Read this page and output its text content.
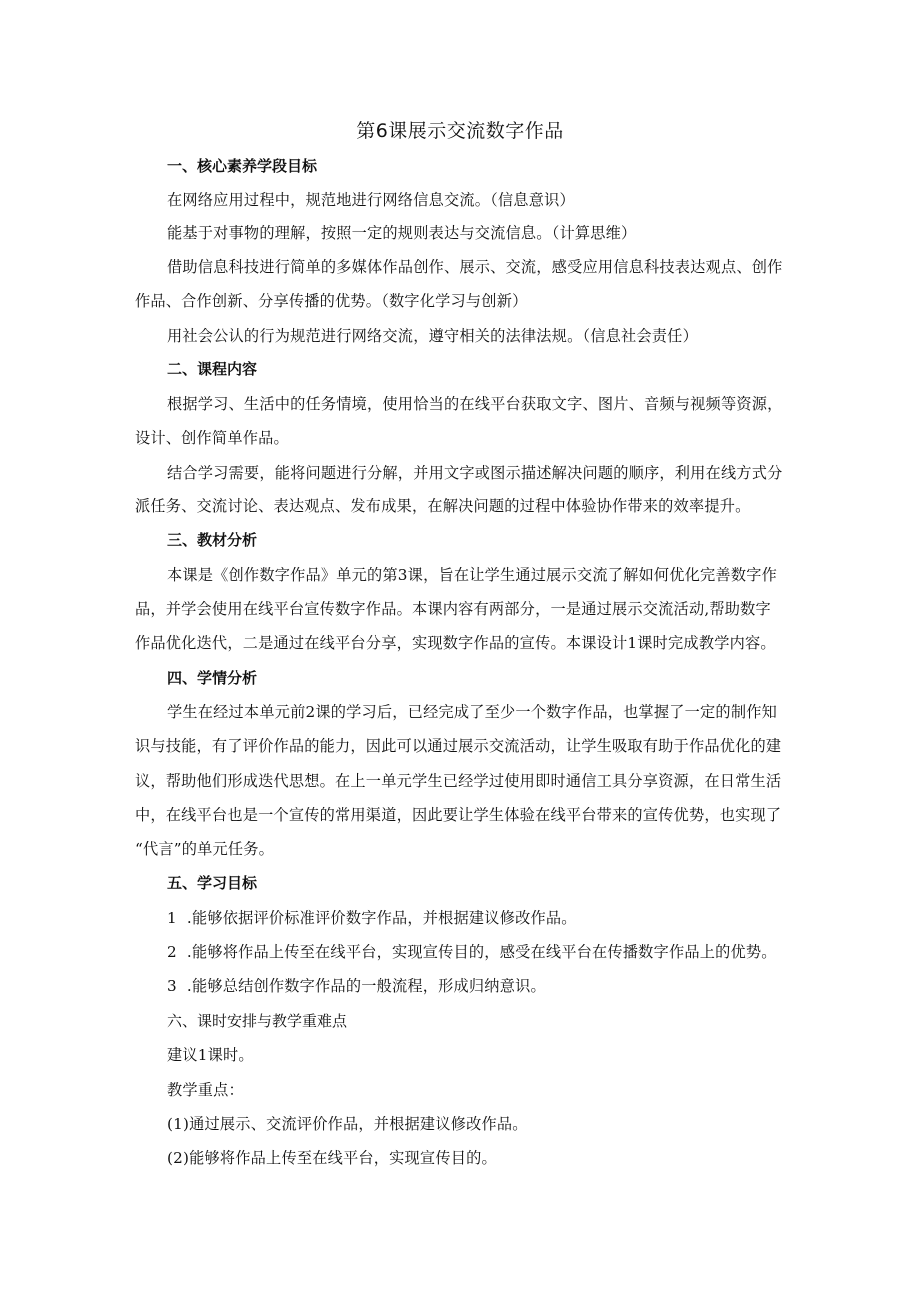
第6课展示交流数字作品
一、核心素养学段目标
在网络应用过程中，规范地进行网络信息交流。（信息意识）
能基于对事物的理解，按照一定的规则表达与交流信息。（计算思维）
借助信息科技进行简单的多媒体作品创作、展示、交流，感受应用信息科技表达观点、创作
作品、合作创新、分享传播的优势。（数字化学习与创新）
用社会公认的行为规范进行网络交流，遵守相关的法律法规。（信息社会责任）
二、课程内容
根据学习、生活中的任务情境，使用恰当的在线平台获取文字、图片、音频与视频等资源，
设计、创作简单作品。
结合学习需要，能将问题进行分解，并用文字或图示描述解决问题的顺序，利用在线方式分
派任务、交流讨论、表达观点、发布成果，在解决问题的过程中体验协作带来的效率提升。
三、教材分析
本课是《创作数字作品》单元的第3课，旨在让学生通过展示交流了解如何优化完善数字作
品，并学会使用在线平台宣传数字作品。本课内容有两部分，一是通过展示交流活动,帮助数字
作品优化迭代，二是通过在线平台分享，实现数字作品的宣传。本课设计1课时完成教学内容。
四、学情分析
学生在经过本单元前2课的学习后，已经完成了至少一个数字作品，也掌握了一定的制作知
识与技能，有了评价作品的能力，因此可以通过展示交流活动，让学生吸取有助于作品优化的建
议，帮助他们形成迭代思想。在上一单元学生已经学过使用即时通信工具分享资源，在日常生活
中，在线平台也是一个宣传的常用渠道，因此要让学生体验在线平台带来的宣传优势，也实现了
“代言”的单元任务。
五、学习目标
1  .能够依据评价标准评价数字作品，并根据建议修改作品。
2  .能够将作品上传至在线平台，实现宣传目的，感受在线平台在传播数字作品上的优势。
3  .能够总结创作数字作品的一般流程，形成归纳意识。
六、课时安排与教学重难点
建议1课时。
教学重点：
(1)通过展示、交流评价作品，并根据建议修改作品。
(2)能够将作品上传至在线平台，实现宣传目的。
